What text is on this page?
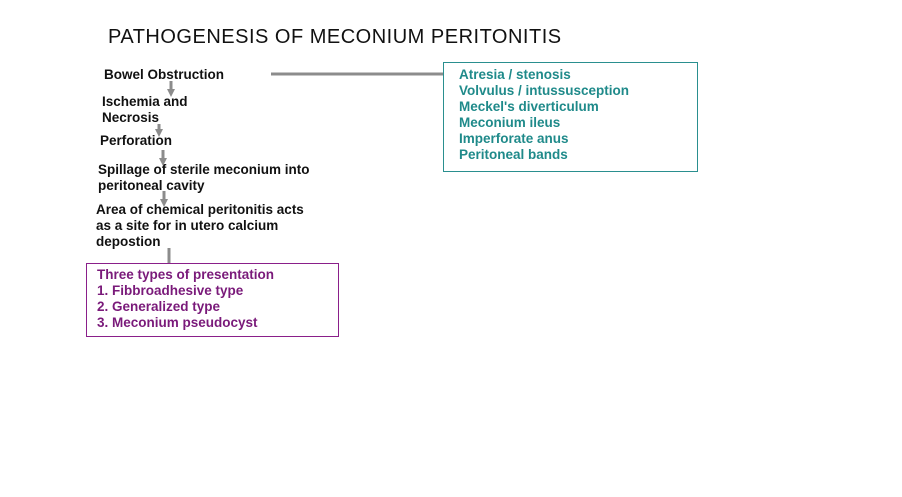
PATHOGENESIS OF MECONIUM PERITONITIS
Bowel Obstruction
Ischemia and
Necrosis
Perforation
Spillage of sterile meconium into
peritoneal cavity
Area of chemical peritonitis acts
as a site for in utero calcium
depostion
Atresia / stenosis
Volvulus / intussusception
Meckel's diverticulum
Meconium ileus
Imperforate anus
Peritoneal bands
Three types of presentation
1. Fibbroadhesive type
2. Generalized type
3. Meconium pseudocyst
